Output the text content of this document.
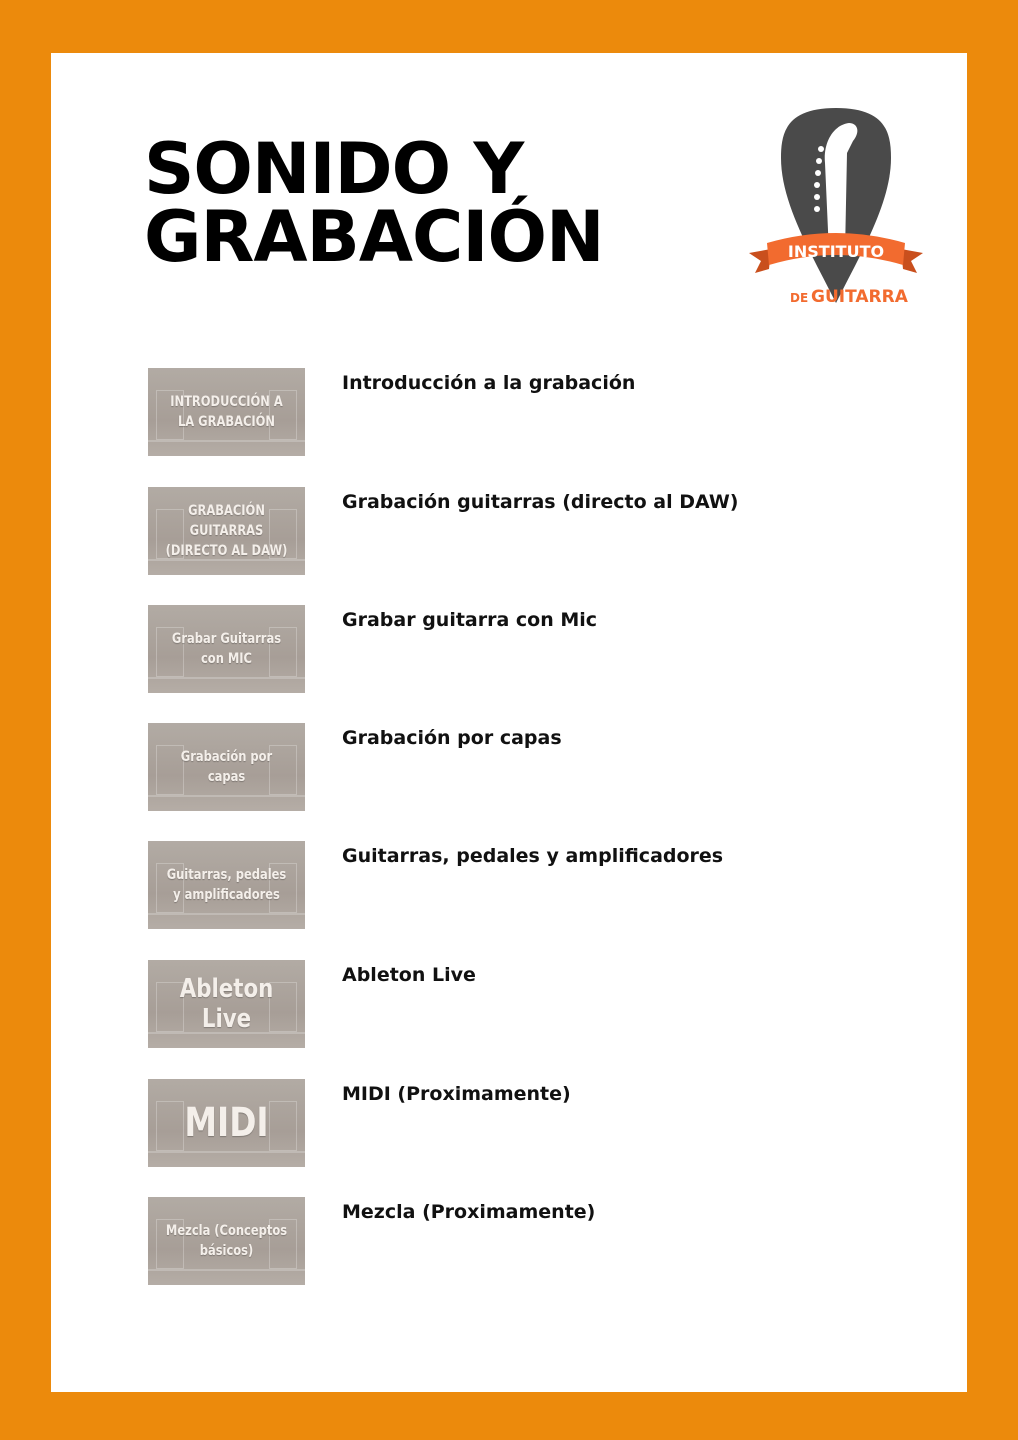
SONIDO Y
GRABACIÓN	INSTITUTO
DE GUITARRA
INTRODUCCIÓN A LA GRABACIÓN
Introducción a la grabación
GRABACIÓN GUITARRAS (DIRECTO AL DAW)
Grabación guitarras (directo al DAW)
Grabar Guitarras con MIC
Grabar guitarra con Mic
Grabación por capas
Grabación por capas
Guitarras, pedales y amplificadores
Guitarras, pedales y amplificadores
Ableton Live
Ableton Live
MIDI
MIDI (Proximamente)
Mezcla (Conceptos básicos)
Mezcla (Proximamente)
